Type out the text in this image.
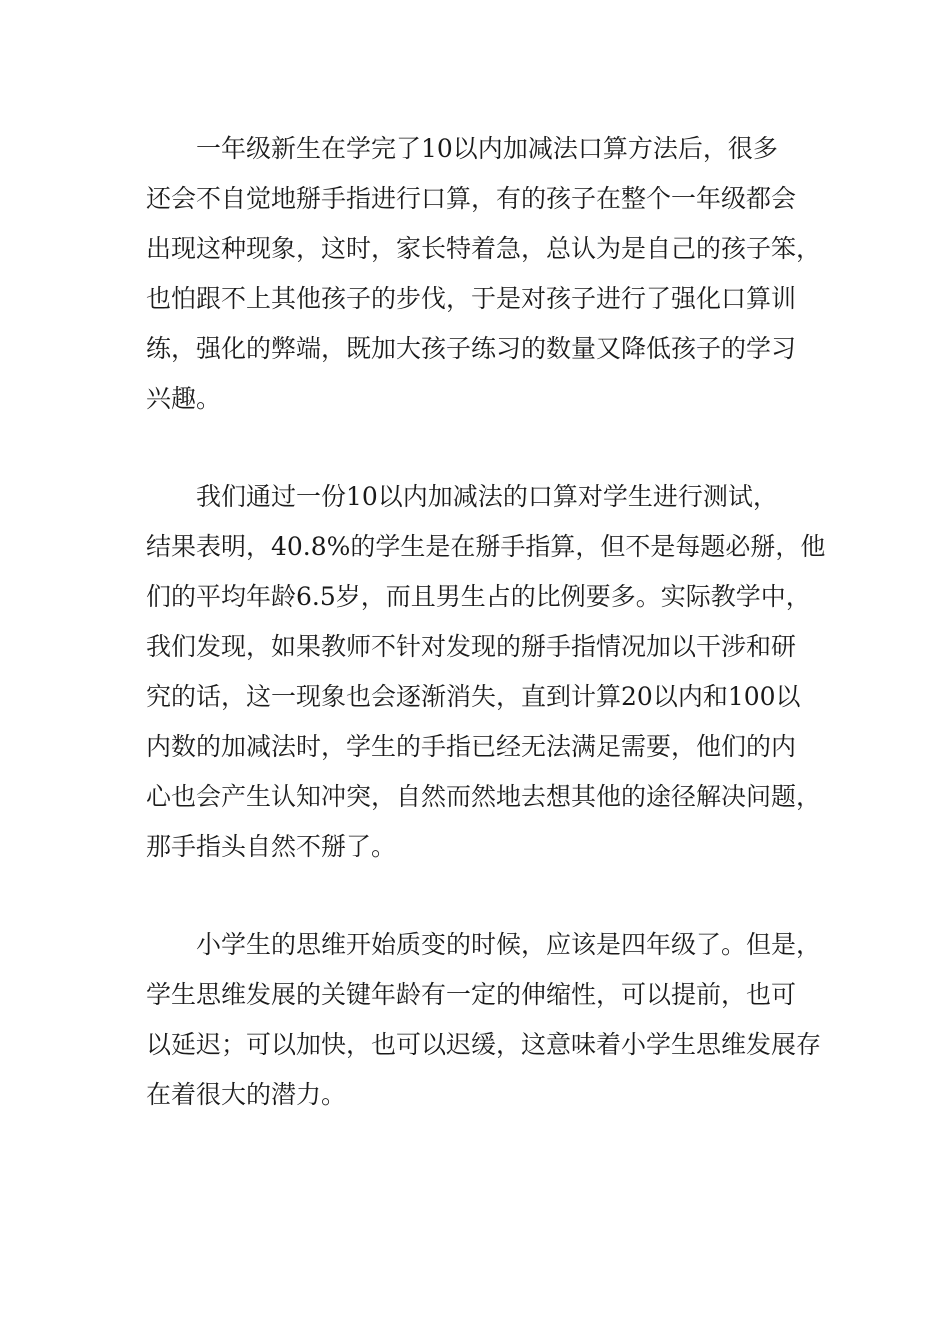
一年级新生在学完了10以内加减法口算方法后，很多
还会不自觉地掰手指进行口算，有的孩子在整个一年级都会
出现这种现象，这时，家长特着急，总认为是自己的孩子笨，
也怕跟不上其他孩子的步伐，于是对孩子进行了强化口算训
练，强化的弊端，既加大孩子练习的数量又降低孩子的学习
兴趣。
我们通过一份10以内加减法的口算对学生进行测试，
结果表明，40.8%的学生是在掰手指算，但不是每题必掰，他
们的平均年龄6.5岁，而且男生占的比例要多。实际教学中，
我们发现，如果教师不针对发现的掰手指情况加以干涉和研
究的话，这一现象也会逐渐消失，直到计算20以内和100以
内数的加减法时，学生的手指已经无法满足需要，他们的内
心也会产生认知冲突，自然而然地去想其他的途径解决问题，
那手指头自然不掰了。
小学生的思维开始质变的时候，应该是四年级了。但是，
学生思维发展的关键年龄有一定的伸缩性，可以提前，也可
以延迟；可以加快，也可以迟缓，这意味着小学生思维发展存
在着很大的潜力。
